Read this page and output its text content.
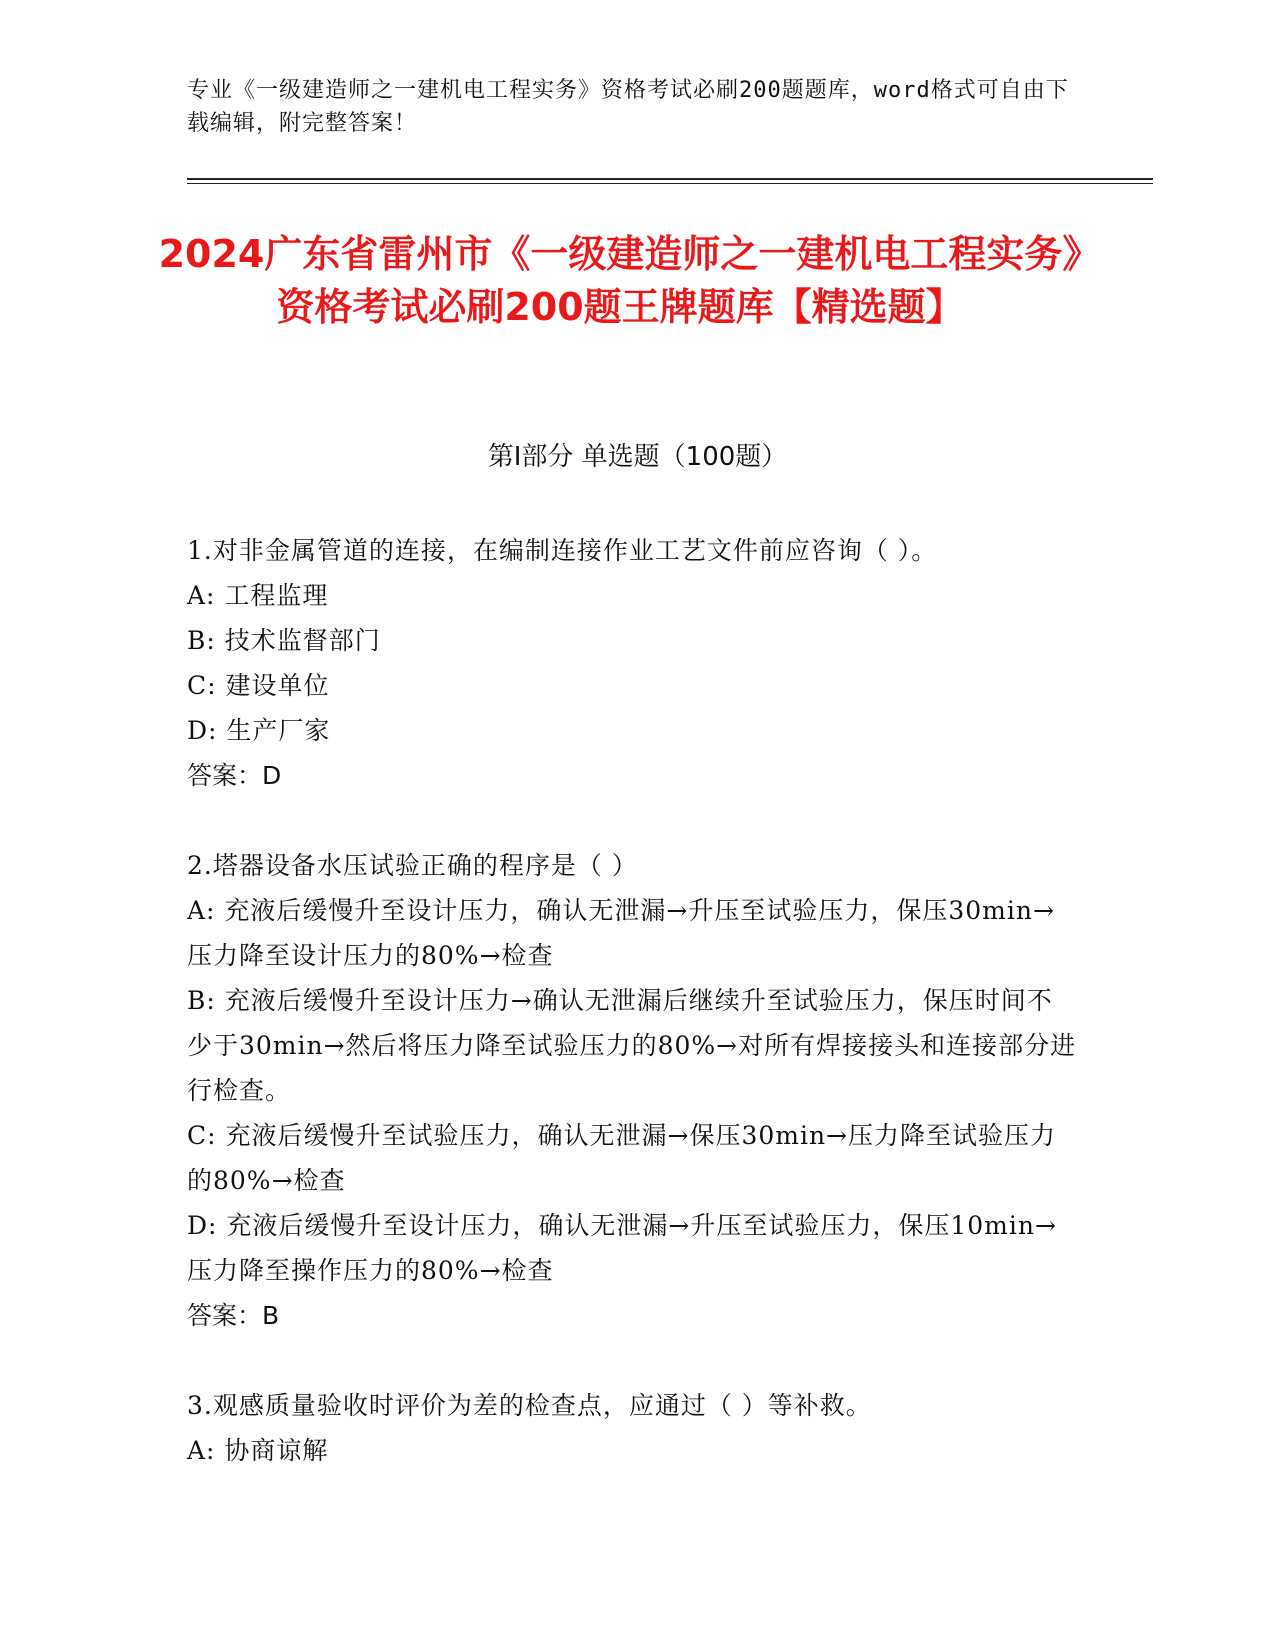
专业《一级建造师之一建机电工程实务》资格考试必刷200题题库，word格式可自由下载编辑，附完整答案！
2024广东省雷州市《一级建造师之一建机电工程实务》资格考试必刷200题王牌题库【精选题】
第I部分 单选题（100题）

1.对非金属管道的连接，在编制连接作业工艺文件前应咨询（ ）。

A: 工程监理

B: 技术监督部门

C: 建设单位

D: 生产厂家

答案：D

2.塔器设备水压试验正确的程序是（ ）

A: 充液后缓慢升至设计压力，确认无泄漏→升压至试验压力，保压30min→压力降至设计压力的80%→检查

B: 充液后缓慢升至设计压力→确认无泄漏后继续升至试验压力，保压时间不少于30min→然后将压力降至试验压力的80%→对所有焊接接头和连接部分进行检查。

C: 充液后缓慢升至试验压力，确认无泄漏→保压30min→压力降至试验压力的80%→检查

D: 充液后缓慢升至设计压力，确认无泄漏→升压至试验压力，保压10min→压力降至操作压力的80%→检查

答案：B

3.观感质量验收时评价为差的检查点，应通过（ ）等补救。

A: 协商谅解
